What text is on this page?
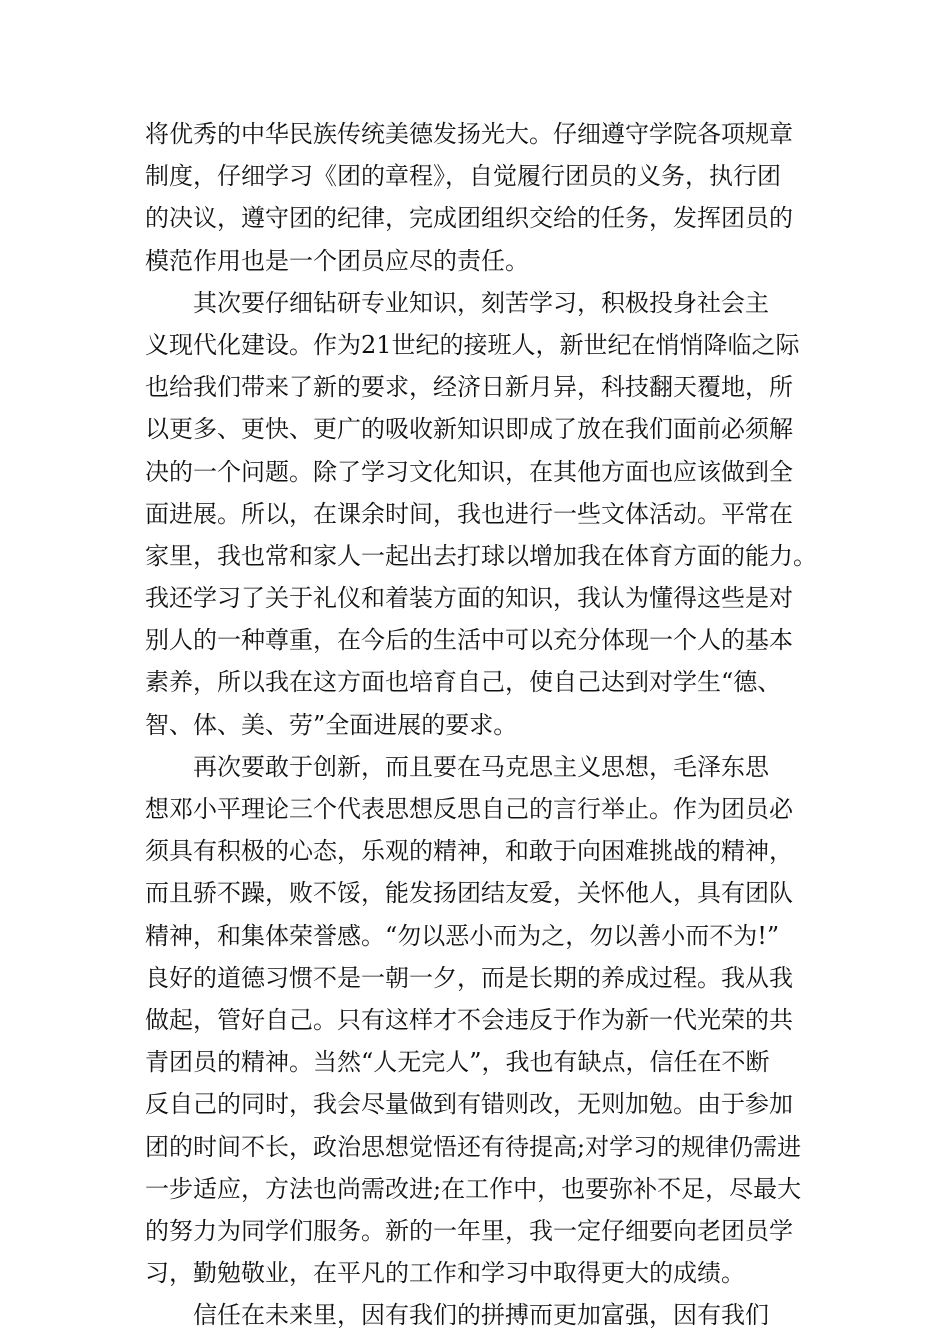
将优秀的中华民族传统美德发扬光大。仔细遵守学院各项规章
制度，仔细学习《团的章程》，自觉履行团员的义务，执行团
的决议，遵守团的纪律，完成团组织交给的任务，发挥团员的
模范作用也是一个团员应尽的责任。
　　其次要仔细钻研专业知识，刻苦学习，积极投身社会主
义现代化建设。作为21世纪的接班人，新世纪在悄悄降临之际
也给我们带来了新的要求，经济日新月异，科技翻天覆地，所
以更多、更快、更广的吸收新知识即成了放在我们面前必须解
决的一个问题。除了学习文化知识，在其他方面也应该做到全
面进展。所以，在课余时间，我也进行一些文体活动。平常在
家里，我也常和家人一起出去打球以增加我在体育方面的能力。
我还学习了关于礼仪和着装方面的知识，我认为懂得这些是对
别人的一种尊重，在今后的生活中可以充分体现一个人的基本
素养，所以我在这方面也培育自己，使自己达到对学生“德、
智、体、美、劳”全面进展的要求。
　　再次要敢于创新，而且要在马克思主义思想，毛泽东思
想邓小平理论三个代表思想反思自己的言行举止。作为团员必
须具有积极的心态，乐观的精神，和敢于向困难挑战的精神，
而且骄不躁，败不馁，能发扬团结友爱，关怀他人，具有团队
精神，和集体荣誉感。“勿以恶小而为之，勿以善小而不为!”
良好的道德习惯不是一朝一夕，而是长期的养成过程。我从我
做起，管好自己。只有这样才不会违反于作为新一代光荣的共
青团员的精神。当然“人无完人”，我也有缺点，信任在不断
反自己的同时，我会尽量做到有错则改，无则加勉。由于参加
团的时间不长，政治思想觉悟还有待提高;对学习的规律仍需进
一步适应，方法也尚需改进;在工作中，也要弥补不足，尽最大
的努力为同学们服务。新的一年里，我一定仔细要向老团员学
习，勤勉敬业，在平凡的工作和学习中取得更大的成绩。
　　信任在未来里，因有我们的拼搏而更加富强，因有我们
